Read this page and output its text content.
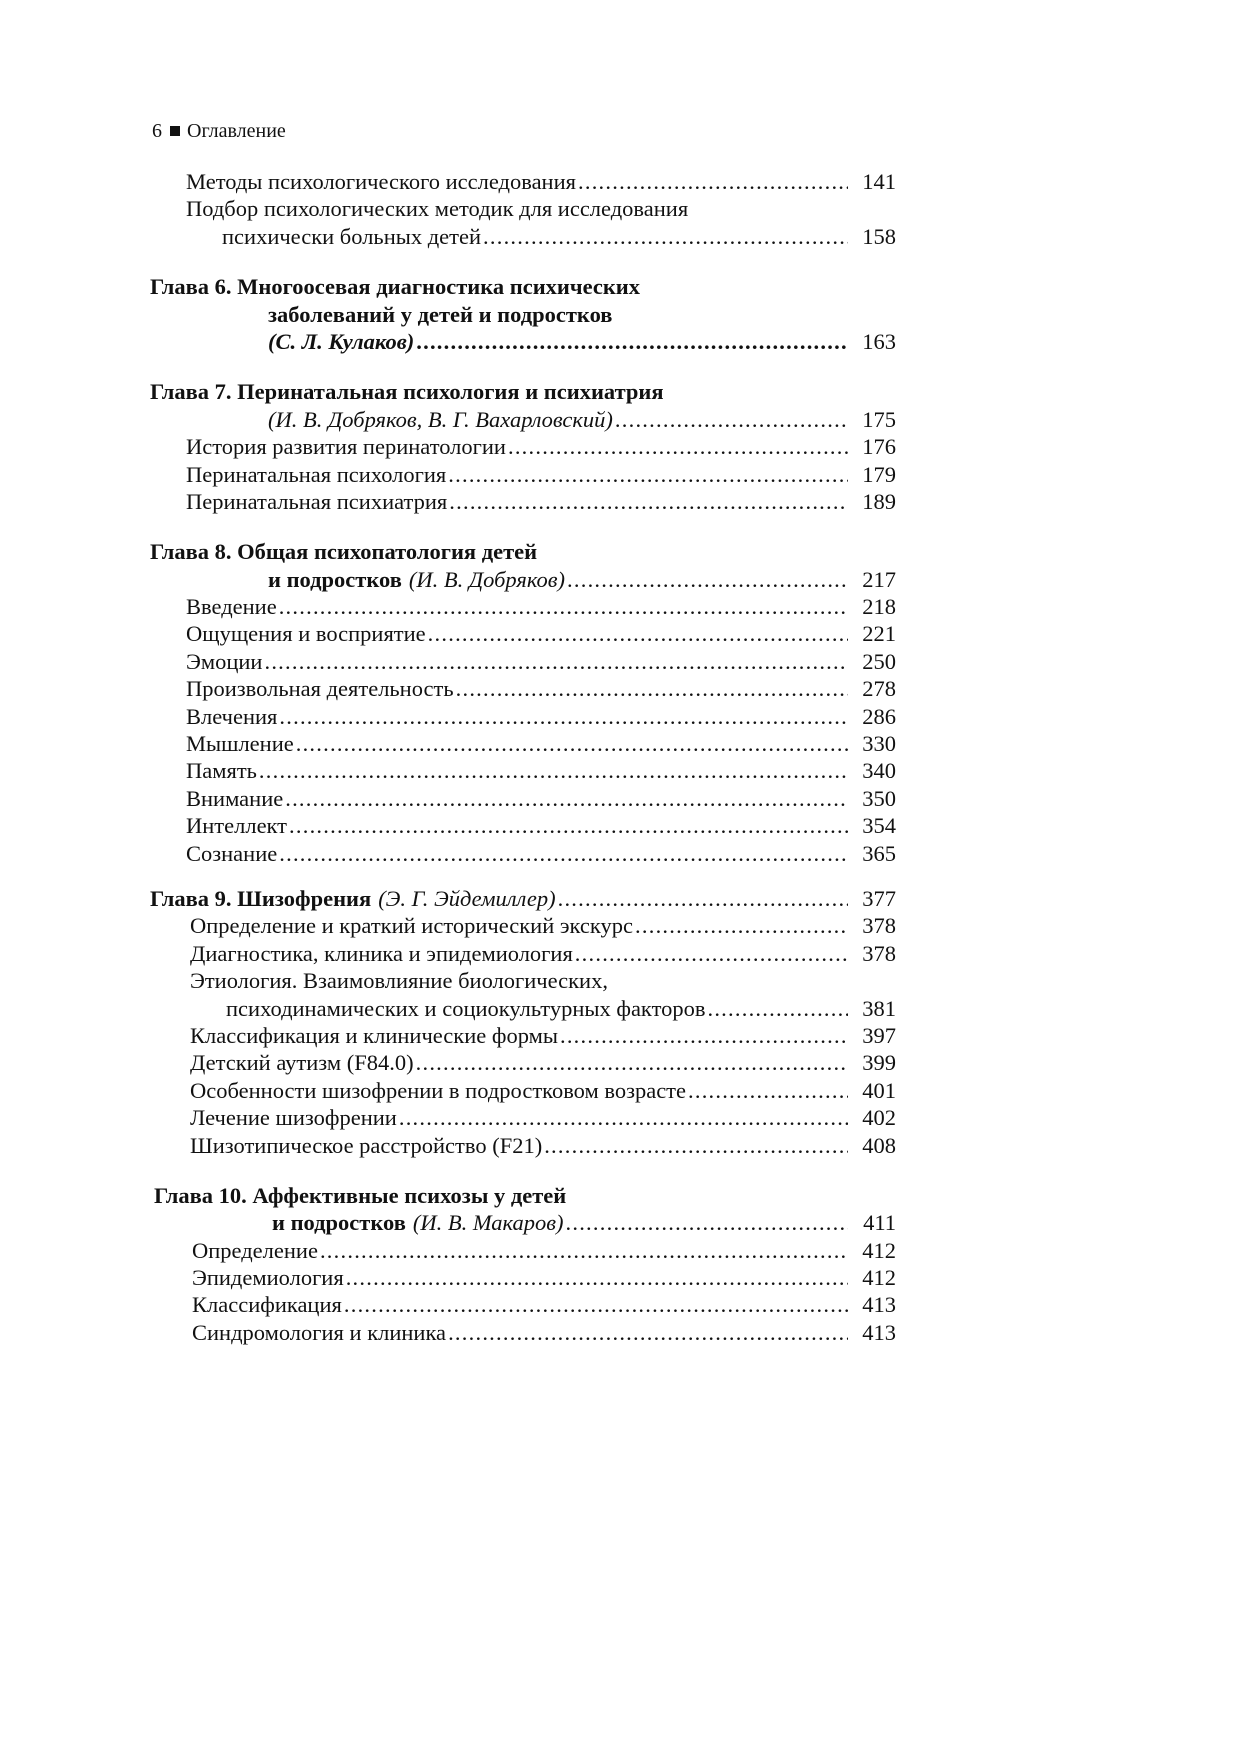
6 Оглавление
Методы психологического исследования . . .	141
Подбор психологических методик для исследования
психически больных детей . . .	158
Глава 6. Многоосевая диагностика психических
заболеваний у детей и подростков
(С. Л. Кулаков) . . .	163
Глава 7. Перинатальная психология и психиатрия
(И. В. Добряков, В. Г. Вахарловский) . . .	175
История развития перинатологии . . .	176
Перинатальная психология . . .	179
Перинатальная психиатрия . . .	189
Глава 8. Общая психопатология детей
и подростков (И. В. Добряков) . . .	217
Введение . . .	218
Ощущения и восприятие . . .	221
Эмоции . . .	250
Произвольная деятельность . . .	278
Влечения . . .	286
Мышление . . .	330
Память . . .	340
Внимание . . .	350
Интеллект . . .	354
Сознание . . .	365
Глава 9. Шизофрения (Э. Г. Эйдемиллер) . . .	377
Определение и краткий исторический экскурс . . .	378
Диагностика, клиника и эпидемиология . . .	378
Этиология. Взаимовлияние биологических,
психодинамических и социокультурных факторов . . .	381
Классификация и клинические формы . . .	397
Детский аутизм (F84.0) . . .	399
Особенности шизофрении в подростковом возрасте . . .	401
Лечение шизофрении . . .	402
Шизотипическое расстройство (F21) . . .	408
Глава 10. Аффективные психозы у детей
и подростков (И. В. Макаров) . . .	411
Определение . . .	412
Эпидемиология . . .	412
Классификация . . .	413
Синдромология и клиника . . .	413
